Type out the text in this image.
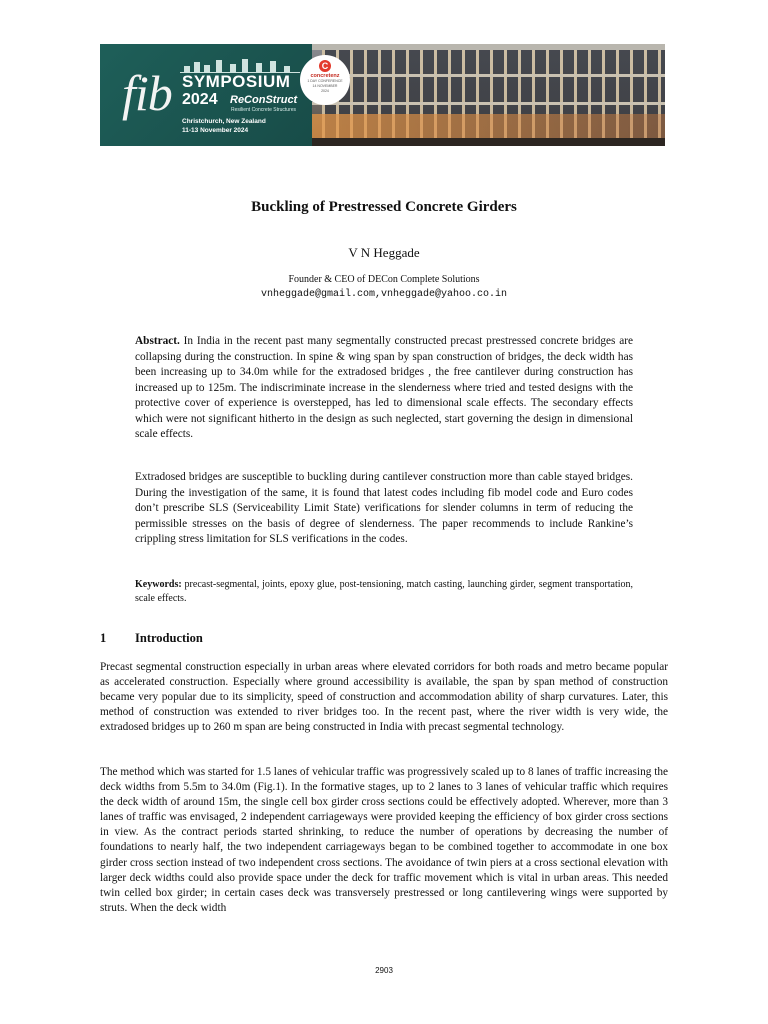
fib SYMPOSIUM
2024 ReConStruct
Resilient Concrete Structures
Christchurch, New Zealand
11-13 November 2024
C
concretenz
1 DAY CONFERENCE
14 NOVEMBER
2024
Buckling of Prestressed Concrete Girders
V N Heggade
Founder & CEO of DECon Complete Solutions
vnheggade@gmail.com,vnheggade@yahoo.co.in

Abstract. In India in the recent past many segmentally constructed precast prestressed concrete bridges are collapsing during the construction. In spine & wing span by span construction of bridges, the deck width has been increasing up to 34.0m while for the extradosed bridges , the free cantilever during construction has increased up to 125m. The indiscriminate increase in the slenderness where tried and tested designs with the protective cover of experience is overstepped, has led to dimensional scale effects. The secondary effects which were not significant hitherto in the design as such neglected, start governing the design in dimensional scale effects.

Extradosed bridges are susceptible to buckling during cantilever construction more than cable stayed bridges. During the investigation of the same, it is found that latest codes including fib model code and Euro codes don’t prescribe SLS (Serviceability Limit State) verifications for slender columns in term of reducing the permissible stresses on the basis of degree of slenderness. The paper recommends to include Rankine’s crippling stress limitation for SLS verifications in the codes.

Keywords: precast-segmental, joints, epoxy glue, post-tensioning, match casting, launching girder, segment transportation, scale effects.

1 Introduction

Precast segmental construction especially in urban areas where elevated corridors for both roads and metro became popular as accelerated construction. Especially where ground accessibility is available, the span by span method of construction became very popular due to its simplicity, speed of construction and accommodation ability of sharp curvatures. Later, this method of construction was extended to river bridges too. In the recent past, where the river width is very wide, the extradosed bridges up to 260 m span are being constructed in India with precast segmental technology.

The method which was started for 1.5 lanes of vehicular traffic was progressively scaled up to 8 lanes of traffic increasing the deck widths from 5.5m to 34.0m (Fig.1). In the formative stages, up to 2 lanes to 3 lanes of vehicular traffic which requires the deck width of around 15m, the single cell box girder cross sections could be effectively adopted. Wherever, more than 3 lanes of traffic was envisaged, 2 independent carriageways were provided keeping the efficiency of box girder cross sections in view. As the contract periods started shrinking, to reduce the number of operations by decreasing the number of foundations to nearly half, the two independent carriageways began to be combined together to accommodate in one box girder cross section instead of two independent cross sections. The avoidance of twin piers at a cross sectional elevation with larger deck widths could also provide space under the deck for traffic movement which is vital in urban areas. This needed twin celled box girder; in certain cases deck was transversely prestressed or long cantilevering wings were supported by struts. When the deck width

2903
